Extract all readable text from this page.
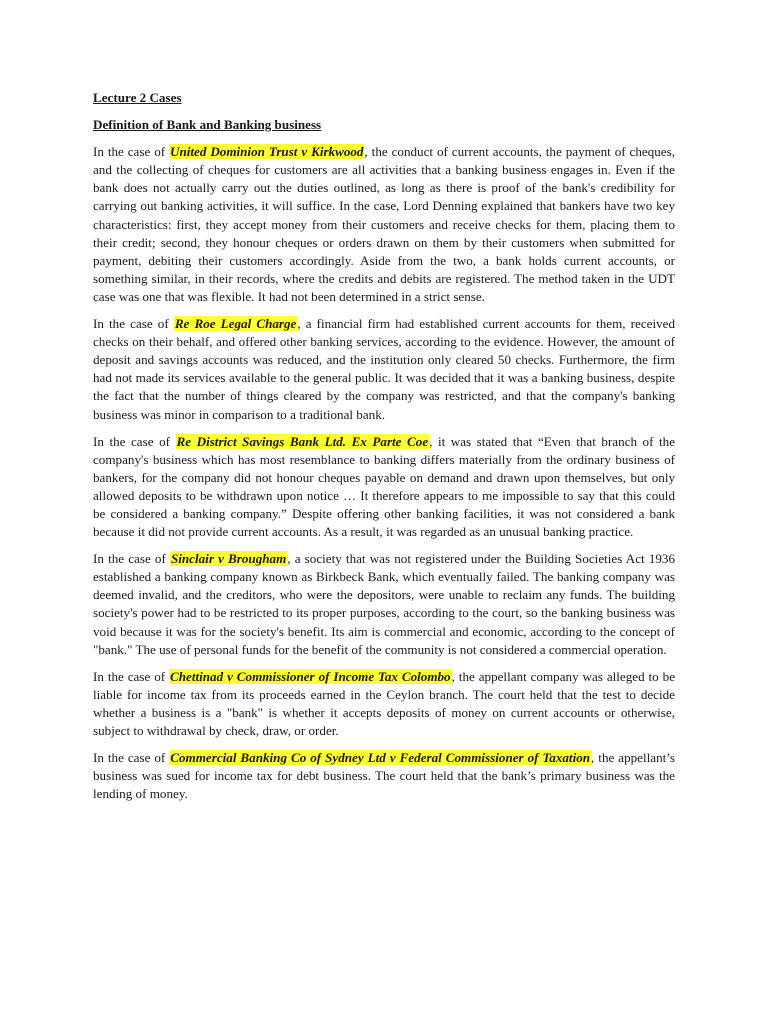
Lecture 2 Cases
Definition of Bank and Banking business

In the case of United Dominion Trust v Kirkwood, the conduct of current accounts, the payment of cheques, and the collecting of cheques for customers are all activities that a banking business engages in. Even if the bank does not actually carry out the duties outlined, as long as there is proof of the bank's credibility for carrying out banking activities, it will suffice. In the case, Lord Denning explained that bankers have two key characteristics: first, they accept money from their customers and receive checks for them, placing them to their credit; second, they honour cheques or orders drawn on them by their customers when submitted for payment, debiting their customers accordingly. Aside from the two, a bank holds current accounts, or something similar, in their records, where the credits and debits are registered. The method taken in the UDT case was one that was flexible. It had not been determined in a strict sense.

In the case of Re Roe Legal Charge, a financial firm had established current accounts for them, received checks on their behalf, and offered other banking services, according to the evidence. However, the amount of deposit and savings accounts was reduced, and the institution only cleared 50 checks. Furthermore, the firm had not made its services available to the general public. It was decided that it was a banking business, despite the fact that the number of things cleared by the company was restricted, and that the company's banking business was minor in comparison to a traditional bank.

In the case of Re District Savings Bank Ltd. Ex Parte Coe, it was stated that “Even that branch of the company's business which has most resemblance to banking differs materially from the ordinary business of bankers, for the company did not honour cheques payable on demand and drawn upon themselves, but only allowed deposits to be withdrawn upon notice … It therefore appears to me impossible to say that this could be considered a banking company.” Despite offering other banking facilities, it was not considered a bank because it did not provide current accounts. As a result, it was regarded as an unusual banking practice.

In the case of Sinclair v Brougham, a society that was not registered under the Building Societies Act 1936 established a banking company known as Birkbeck Bank, which eventually failed. The banking company was deemed invalid, and the creditors, who were the depositors, were unable to reclaim any funds. The building society's power had to be restricted to its proper purposes, according to the court, so the banking business was void because it was for the society's benefit. Its aim is commercial and economic, according to the concept of "bank." The use of personal funds for the benefit of the community is not considered a commercial operation.

In the case of Chettinad v Commissioner of Income Tax Colombo, the appellant company was alleged to be liable for income tax from its proceeds earned in the Ceylon branch. The court held that the test to decide whether a business is a "bank" is whether it accepts deposits of money on current accounts or otherwise, subject to withdrawal by check, draw, or order.

In the case of Commercial Banking Co of Sydney Ltd v Federal Commissioner of Taxation, the appellant’s business was sued for income tax for debt business. The court held that the bank’s primary business was the lending of money.
